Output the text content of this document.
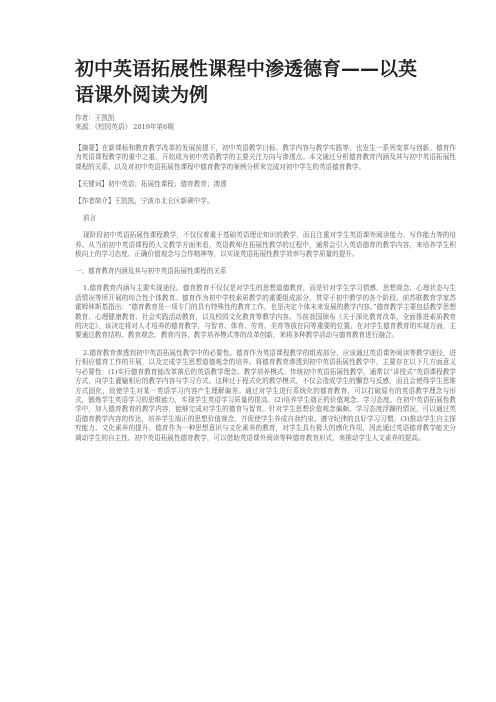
初中英语拓展性课程中渗透德育——以英语课外阅读为例
作者：王凯凯
来源：《校园英语》 2019年第6期

【摘要】在新课标和教育教学改革的发展前提下，初中英语教学目标、教学内容与教学实践等，也发生一系列变革与创新。德育作为英语课程教学的重中之重，开始成为初中英语教学的主要关注方向与渗透点。本文通过分析德育教育内涵及其与初中英语拓展性课程的关系，以及对初中英语拓展性课程中德育教学的案例分析来完成对初中学生的英语德育教学。

【关键词】初中英语；拓展性课程；德育教育；渗透

【作者简介】王凯凯，宁波市北仑区新碶中学。

前言

现阶段初中英语拓展性课程教学，不仅仅着重于基础英语理论知识的教学，而且注重对学生英语课外阅读能力、写作能力等的培养。从当前初中英语课程的人文教学方面来看，英语教师在拓展性教学的过程中，通常会引入英语德育的教学内容，来培养学生积极向上的学习态度、正确价值观念与合作精神等，以实现英语拓展性教学效率与教学质量的提升。

一、德育教育内涵及其与初中英语拓展性课程的关系

1.德育教育内涵与主要实现途径。德育教育不仅仅是对学生的思想道德教育，而是针对学生学习情感、思想观念、心理状态与生活情况等所开展的综合性个体教育。德育作为初中学校素质教学的重要组成部分，贯穿于初中教学的各个阶段。前苏联教育学家苏霍姆林斯基指出：“德育教育是一项专门的具有特殊性的教育工作，也是决定个体未来发展的教学内容。”德育教学主要包括教学思想教育、心理健康教育、社会实践活动教育，以及校园文化教育等教学内容。当前我国颁布《关于深化教育改革，全面推进素质教育的决定》，该决定将对人才培养的德育教学，与智育、体育、劳育、美育等放在同等重要的位置。在对学生德育教育的实现方面，主要通过教育结构、教育观念、教育内容、教学培养模式等的改革创新，来将多种教学活动与德育教育进行融合。

2.德育教育渗透到初中英语拓展性教学中的必要性。德育作为英语课程教学的组成部分，应该通过英语课外阅读等教学途径，进行相应德育工作的开展，以及完成学生思想道德观念的培养。将德育教育渗透到初中英语拓展性教学中，主要存在以下几方面意义与必要性：(1)实行德育教育能改革落后的英语教学理念、教学培养模式。传统初中英语拓展性教学，通常以“讲授式”英语课程教学方式，向学生灌输相应的教学内容与学习方式。这种过于程式化的教学模式，不仅会造成学生的懈怠与反感，而且会使得学生思维方式固化，致使学生对某一英语学习内容产生理解偏差。通过对学生进行系统化的德育教育，可以打破原有的英语教学理念与形式，锻炼学生英语学习的思维能力，实现学生英语学习质量的提高。(2)培养学生端正的价值观念、学习态度。在初中英语拓展性教学中，加入德育教育的教学内容，能够完成对学生的德育与智育。针对学生思想价值观念偏颇、学习态度浮躁的情况，可以通过英语德育教学内容的传达，培养学生端正的思想价值观念，并促使学生养成自我约束、遵守纪律的良好学习习惯。(3)推动学生自主探究能力、文化素养的提升。德育作为一种思想意识与文化素养的教育，对学生具有极大的感化作用，因此通过英语德育教学能充分调动学生的自主性。初中英语拓展性德育教学，可以借助英语课外阅读等种德育教育形式，来推动学生人文素养的提高。
